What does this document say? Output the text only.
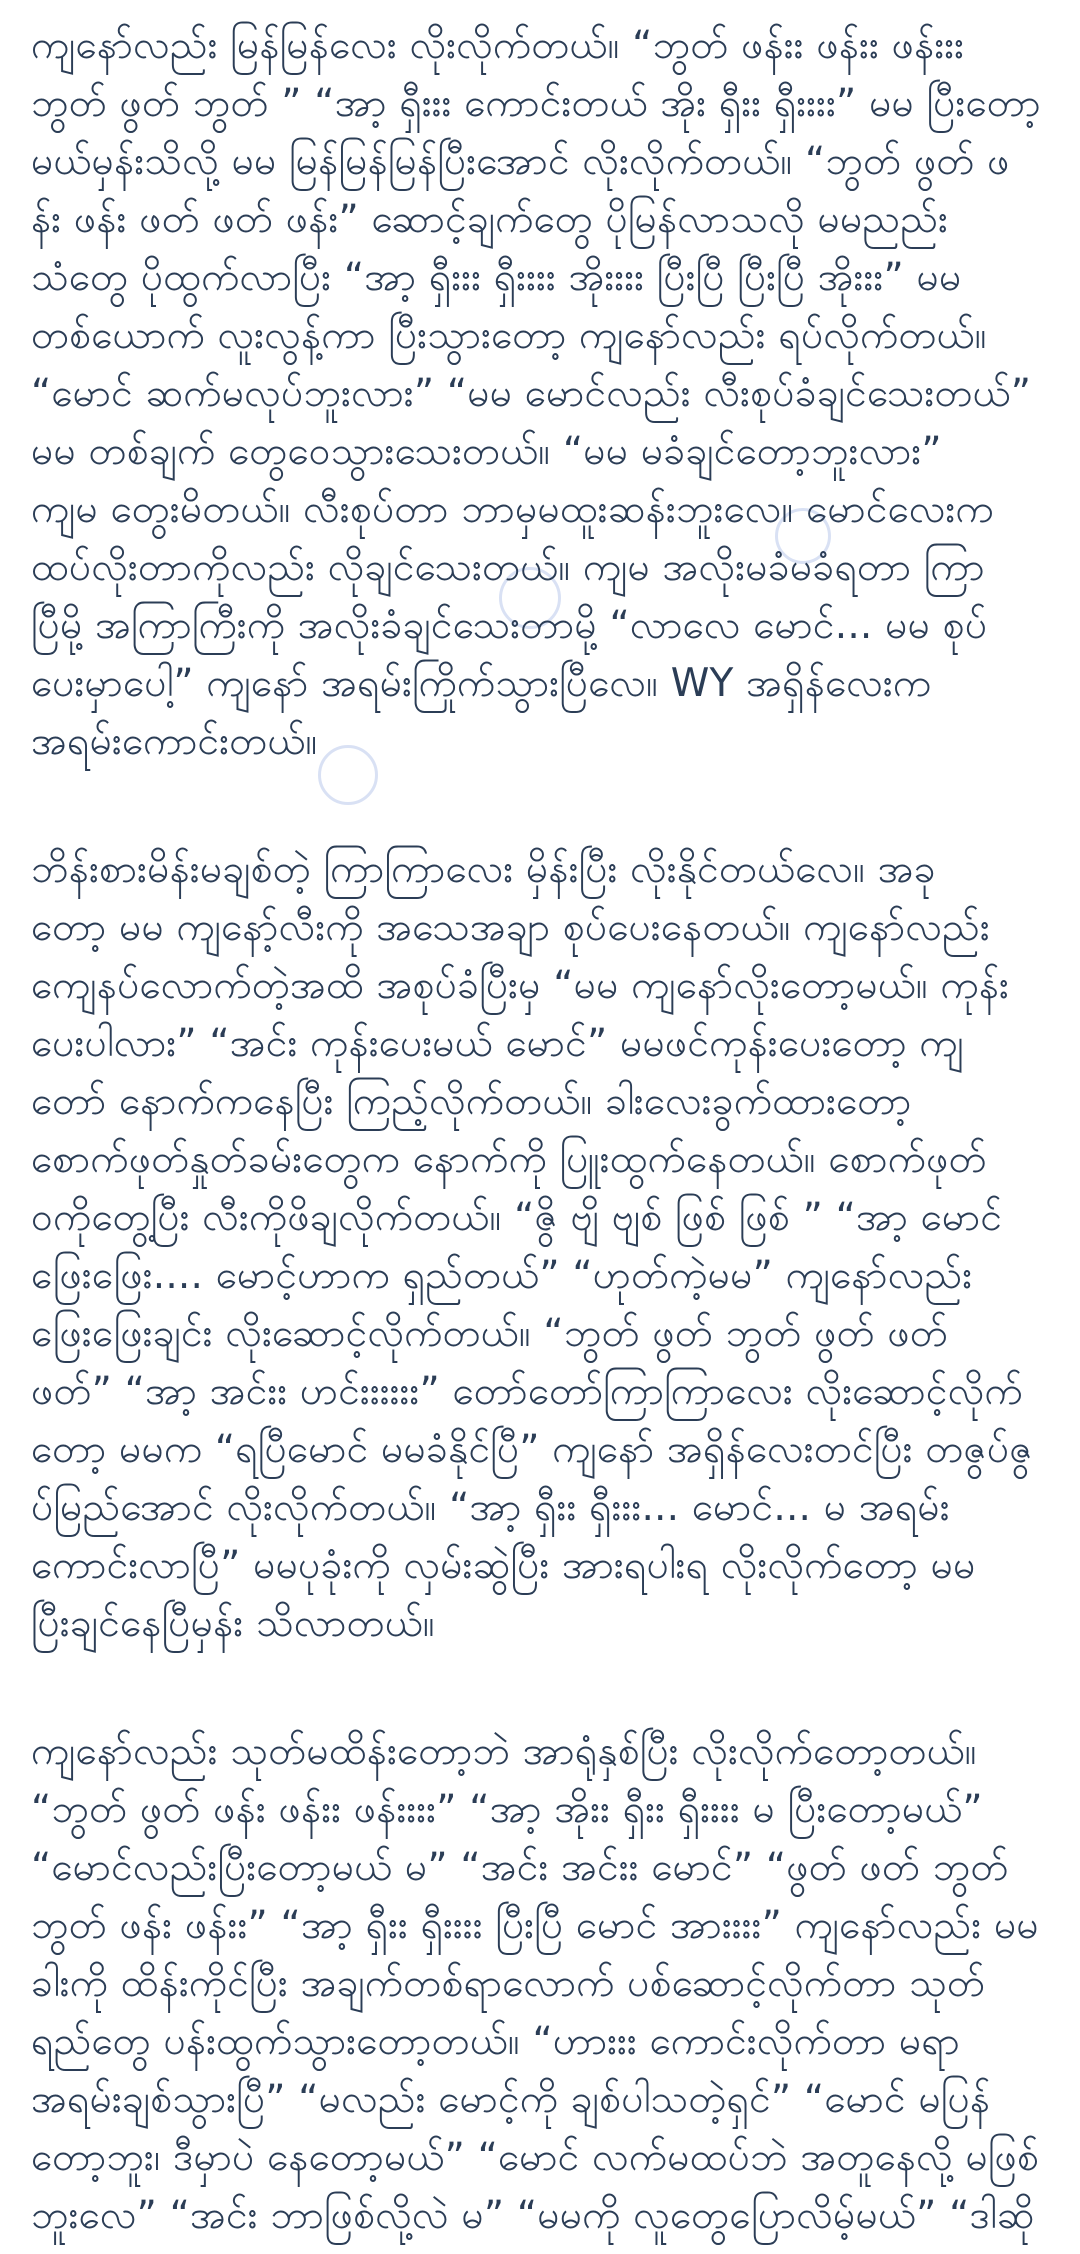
ကျနော်လည်း မြန်မြန်လေး လိုးလိုက်တယ်။ “ဘွတ် ဖန်းး ဖန်းး ဖန်းးး
ဘွတ် ဖွတ် ဘွတ် ” “အာ့ ရှီးးး ကောင်းတယ် အိုး ရှီးး ရှီးးးး” မမ ပြီးတော့
မယ်မှန်းသိလို့ မမ မြန်မြန်မြန်ပြီးအောင် လိုးလိုက်တယ်။ “ဘွတ် ဖွတ် ဖ
န်း ဖန်း ဖတ် ဖတ် ဖန်း” ဆောင့်ချက်တွေ ပိုမြန်လာသလို မမညည်း
သံတွေ ပိုထွက်လာပြီး “အာ့ ရှီးးး ရှီးးးး အိုးးးး ပြီးပြီ ပြီးပြီ အိုးးး” မမ
တစ်ယောက် လူးလွန့်ကာ ပြီးသွားတော့ ကျနော်လည်း ရပ်လိုက်တယ်။
“မောင် ဆက်မလုပ်ဘူးလား” “မမ မောင်လည်း လီးစုပ်ခံချင်သေးတယ်”
မမ တစ်ချက် တွေဝေသွားသေးတယ်။ “မမ မခံချင်တော့ဘူးလား”
ကျမ တွေးမိတယ်။ လီးစုပ်တာ ဘာမှမထူးဆန်းဘူးလေ။ မောင်လေးက
ထပ်လိုးတာကိုလည်း လိုချင်သေးတယ်။ ကျမ အလိုးမခံမခံရတာ ကြာ
ပြီမို့ အကြာကြီးကို အလိုးခံချင်သေးတာမို့ “လာလေ မောင်... မမ စုပ်
ပေးမှာပေါ့” ကျနော် အရမ်းကြိုက်သွားပြီလေ။ WY အရှိန်လေးက
အရမ်းကောင်းတယ်။
ဘိန်းစားမိန်းမချစ်တဲ့ ကြာကြာလေး မှိန်းပြီး လိုးနိုင်တယ်လေ။ အခု
တော့ မမ ကျနော့်လီးကို အသေအချာ စုပ်ပေးနေတယ်။ ကျနော်လည်း
ကျေနပ်လောက်တဲ့အထိ အစုပ်ခံပြီးမှ “မမ ကျနော်လိုးတော့မယ်။ ကုန်း
ပေးပါလား” “အင်း ကုန်းပေးမယ် မောင်” မမဖင်ကုန်းပေးတော့ ကျ
တော် နောက်ကနေပြီး ကြည့်လိုက်တယ်။ ခါးလေးခွက်ထားတော့
စောက်ဖုတ်နှုတ်ခမ်းတွေက နောက်ကို ပြူးထွက်နေတယ်။ စောက်ဖုတ်
ဝကိုတွေ့ပြီး လီးကိုဖိချလိုက်တယ်။ “ဇွိ ဗျိ ဗျစ် ဖြစ် ဖြစ် ” “အာ့ မောင်
ဖြေးဖြေး.... မောင့်ဟာက ရှည်တယ်” “ဟုတ်ကဲ့မမ” ကျနော်လည်း
ဖြေးဖြေးချင်း လိုးဆောင့်လိုက်တယ်။ “ဘွတ် ဖွတ် ဘွတ် ဖွတ် ဖတ်
ဖတ်” “အာ့ အင်းး ဟင်းးးးးး” တော်တော်ကြာကြာလေး လိုးဆောင့်လိုက်
တော့ မမက “ရပြီမောင် မမခံနိုင်ပြီ” ကျနော် အရှိန်လေးတင်ပြီး တဇွပ်ဇွ
ပ်မြည်အောင် လိုးလိုက်တယ်။ “အာ့ ရှီးး ရှီးးး... မောင်... မ အရမ်း
ကောင်းလာပြီ” မမပုခုံးကို လှမ်းဆွဲပြီး အားရပါးရ လိုးလိုက်တော့ မမ
ပြီးချင်နေပြီမှန်း သိလာတယ်။
ကျနော်လည်း သုတ်မထိန်းတော့ဘဲ အာရုံနှစ်ပြီး လိုးလိုက်တော့တယ်။
“ဘွတ် ဖွတ် ဖန်း ဖန်းး ဖန်းးးး” “အာ့ အိုးး ရှီးး ရှီးးးး မ ပြီးတော့မယ်”
“မောင်လည်းပြီးတော့မယ် မ” “အင်း အင်းး မောင်” “ဖွတ် ဖတ် ဘွတ်
ဘွတ် ဖန်း ဖန်းး” “အာ့ ရှီးး ရှီးးးး ပြီးပြီ မောင် အားးးး” ကျနော်လည်း မမ
ခါးကို ထိန်းကိုင်ပြီး အချက်တစ်ရာလောက် ပစ်ဆောင့်လိုက်တာ သုတ်
ရည်တွေ ပန်းထွက်သွားတော့တယ်။ “ဟားးး ကောင်းလိုက်တာ မရာ
အရမ်းချစ်သွားပြီ” “မလည်း မောင့်ကို ချစ်ပါသတဲ့ရှင်” “မောင် မပြန်
တော့ဘူး၊ ဒီမှာပဲ နေတော့မယ်” “မောင် လက်မထပ်ဘဲ အတူနေလို့ မဖြစ်
ဘူးလေ” “အင်း ဘာဖြစ်လို့လဲ မ” “မမကို လူတွေပြောလိမ့်မယ်” “ဒါဆို
